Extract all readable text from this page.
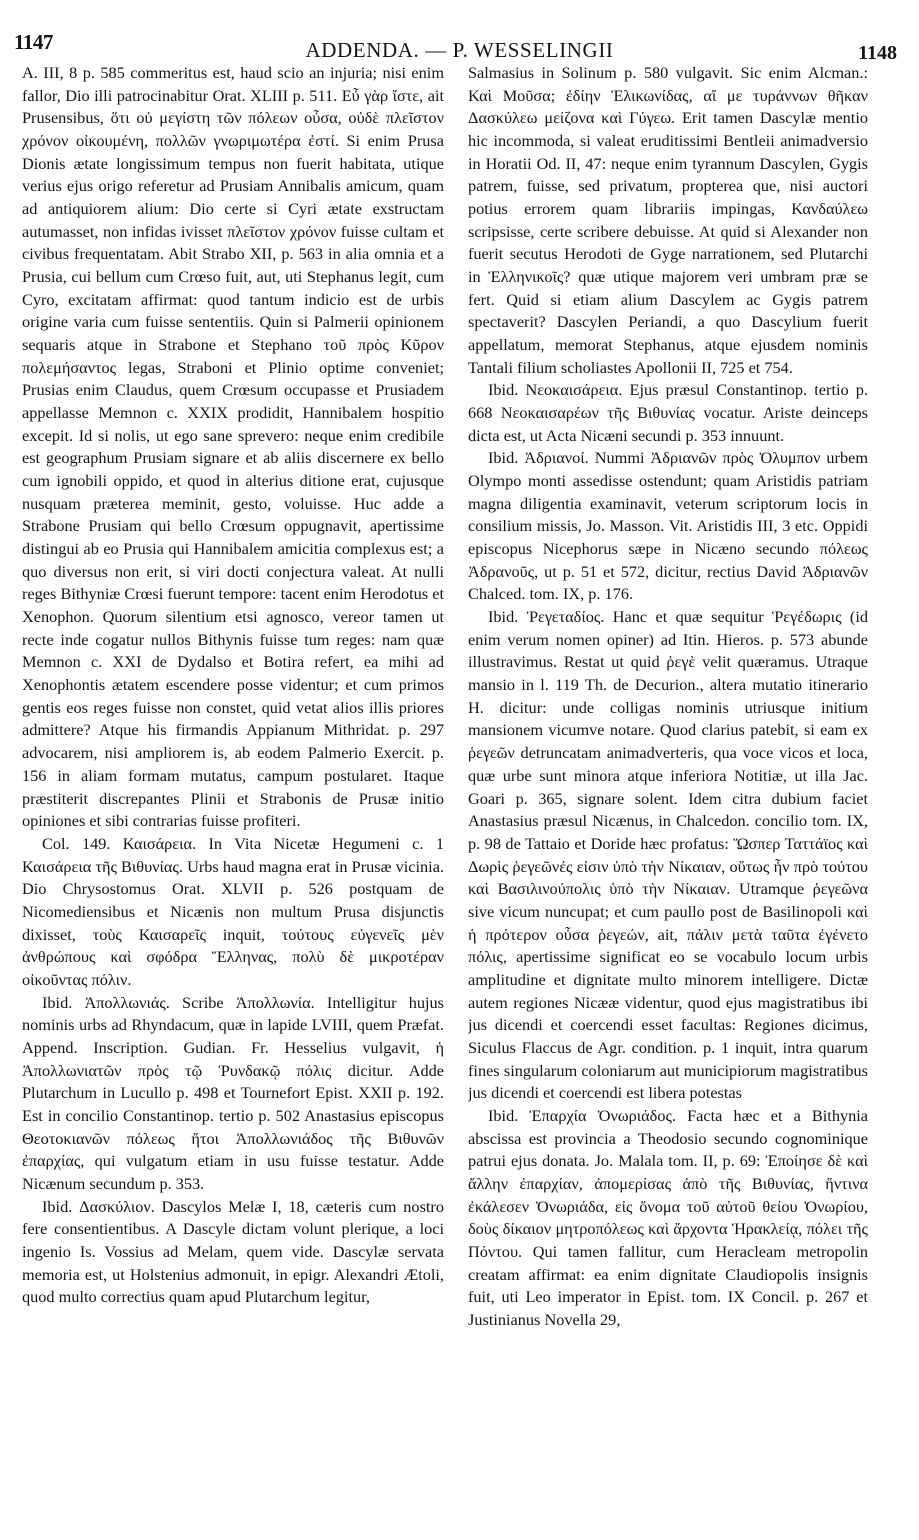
1147	ADDENDA. — P. WESSELINGII	1148

A. III, 8 p. 585 commeritus est, haud scio an injuria; nisi enim fallor, Dio illi patrocinabitur Orat. XLIII p. 511. Εὖ γὰρ ἴστε, ait Prusensibus, ὅτι οὐ μεγίστη τῶν πόλεων οὖσα, οὐδὲ πλεῖστον χρόνον οἰκουμένη, πολλῶν γνωριμωτέρα ἐστί. Si enim Prusa Dionis ætate longissimum tempus non fuerit habitata, utique verius ejus origo referetur ad Prusiam Annibalis amicum, quam ad antiquiorem alium: Dio certe si Cyri ætate exstructam autumasset, non infidas ivisset πλεῖστον χρόνον fuisse cultam et civibus frequentatam. Abit Strabo XII, p. 563 in alia omnia et a Prusia, cui bellum cum Crœso fuit, aut, uti Stephanus legit, cum Cyro, excitatam affirmat: quod tantum indicio est de urbis origine varia cum fuisse sententiis. Quin si Palmerii opinionem sequaris atque in Strabone et Stephano τοῦ πρὸς Κῦρον πολεμήσαντος legas, Straboni et Plinio optime conveniet; Prusias enim Claudus, quem Crœsum occupasse et Prusiadem appellasse Memnon c. XXIX prodidit, Hannibalem hospitio excepit. Id si nolis, ut ego sane sprevero: neque enim credibile est geographum Prusiam signare et ab aliis discernere ex bello cum ignobili oppido, et quod in alterius ditione erat, cujusque nusquam præterea meminit, gesto, voluisse. Huc adde a Strabone Prusiam qui bello Crœsum oppugnavit, apertissime distingui ab eo Prusia qui Hannibalem amicitia complexus est; a quo diversus non erit, si viri docti conjectura valeat. At nulli reges Bithyniæ Crœsi fuerunt tempore: tacent enim Herodotus et Xenophon. Quorum silentium etsi agnosco, vereor tamen ut recte inde cogatur nullos Bithynis fuisse tum reges: nam quæ Memnon c. XXI de Dydalso et Botira refert, ea mihi ad Xenophontis ætatem escendere posse videntur; et cum primos gentis eos reges fuisse non constet, quid vetat alios illis priores admittere? Atque his firmandis Appianum Mithridat. p. 297 advocarem, nisi ampliorem is, ab eodem Palmerio Exercit. p. 156 in aliam formam mutatus, campum postularet. Itaque præstiterit discrepantes Plinii et Strabonis de Prusæ initio opiniones et sibi contrarias fuisse profiteri.

Col. 149. Καισάρεια. In Vita Nicetæ Hegumeni c. 1 Καισάρεια τῆς Βιθυνίας. Urbs haud magna erat in Prusæ vicinia. Dio Chrysostomus Orat. XLVII p. 526 postquam de Nicomediensibus et Nicænis non multum Prusa disjunctis dixisset, τοὺς Καισαρεῖς inquit, τούτους εὐγενεῖς μὲν ἀνθρώπους καὶ σφόδρα Ἕλληνας, πολὺ δὲ μικροτέραν οἰκοῦντας πόλιν.

Ibid. Ἀπολλωνιάς. Scribe Ἀπολλωνία. Intelligitur hujus nominis urbs ad Rhyndacum, quæ in lapide LVIII, quem Præfat. Append. Inscription. Gudian. Fr. Hesselius vulgavit, ἡ Ἀπολλωνιατῶν πρὸς τῷ Ῥυνδακῷ πόλις dicitur. Adde Plutarchum in Lucullo p. 498 et Tournefort Epist. XXII p. 192. Est in concilio Constantinop. tertio p. 502 Anastasius episcopus Θεοτοκιανῶν πόλεως ἤτοι Ἀπολλωνιάδος τῆς Βιθυνῶν ἐπαρχίας, qui vulgatum etiam in usu fuisse testatur. Adde Nicænum secundum p. 353.

Ibid. Δασκύλιον. Dascylos Melæ I, 18, cæteris cum nostro fere consentientibus. A Dascyle dictam volunt plerique, a loci ingenio Is. Vossius ad Melam, quem vide. Dascylæ servata memoria est, ut Holstenius admonuit, in epigr. Alexandri Ætoli, quod multo correctius quam apud Plutarchum legitur,

Salmasius in Solinum p. 580 vulgavit. Sic enim Alcman.: Καὶ Μοῦσα; ἐδίην Ἑλικωνίδας, αἴ με τυράννων θῆκαν Δασκύλεω μείζονα καὶ Γύγεω. Erit tamen Dascylæ mentio hic incommoda, si valeat eruditissimi Bentleii animadversio in Horatii Od. II, 47: neque enim tyrannum Dascylen, Gygis patrem, fuisse, sed privatum, propterea que, nisi auctori potius errorem quam librariis impingas, Κανδαύλεω scripsisse, certe scribere debuisse. At quid si Alexander non fuerit secutus Herodoti de Gyge narrationem, sed Plutarchi in Ἑλληνικοῖς? quæ utique majorem veri umbram præ se fert. Quid si etiam alium Dascylem ac Gygis patrem spectaverit? Dascylen Periandi, a quo Dascylium fuerit appellatum, memorat Stephanus, atque ejusdem nominis Tantali filium scholiastes Apollonii II, 725 et 754.

Ibid. Νεοκαισάρεια. Ejus præsul Constantinop. tertio p. 668 Νεοκαισαρέων τῆς Βιθυνίας vocatur. Ariste deinceps dicta est, ut Acta Nicæni secundi p. 353 innuunt.

Ibid. Ἀδριανοί. Nummi Ἀδριανῶν πρὸς Ὀλυμπον urbem Olympo monti assedisse ostendunt; quam Aristidis patriam magna diligentia examinavit, veterum scriptorum locis in consilium missis, Jo. Masson. Vit. Aristidis III, 3 etc. Oppidi episcopus Nicephorus sæpe in Nicæno secundo πόλεως Ἀδρανοῦς, ut p. 51 et 572, dicitur, rectius David Ἀδριανῶν Chalced. tom. IX, p. 176.

Ibid. Ῥεγεταδίος. Hanc et quæ sequitur Ῥεγέδωρις (id enim verum nomen opiner) ad Itin. Hieros. p. 573 abunde illustravimus. Restat ut quid ῥεγὲ velit quæramus. Utraque mansio in l. 119 Th. de Decurion., altera mutatio itinerario H. dicitur: unde colligas nominis utriusque initium mansionem vicumve notare. Quod clarius patebit, si eam ex ῥεγεῶν detruncatam animadverteris, qua voce vicos et loca, quæ urbe sunt minora atque inferiora Notitiæ, ut illa Jac. Goari p. 365, signare solent. Idem citra dubium faciet Anastasius præsul Nicænus, in Chalcedon. concilio tom. IX, p. 98 de Tattaio et Doride hæc profatus: Ὥσπερ Ταττάϊος καὶ Δωρὶς ῥεγεῶνές εἰσιν ὑπὸ τὴν Νίκαιαν, οὕτως ἦν πρὸ τούτου καὶ Βασιλινούπολις ὑπὸ τὴν Νίκαιαν. Utramque ῥεγεῶνα sive vicum nuncupat; et cum paullo post de Basilinopoli καὶ ἡ πρότερον οὖσα ῥεγεών, ait, πάλιν μετὰ ταῦτα ἐγένετο πόλις, apertissime significat eo se vocabulo locum urbis amplitudine et dignitate multo minorem intelligere. Dictæ autem regiones Nicææ videntur, quod ejus magistratibus ibi jus dicendi et coercendi esset facultas: Regiones dicimus, Siculus Flaccus de Agr. condition. p. 1 inquit, intra quarum fines singularum coloniarum aut municipiorum magistratibus jus dicendi et coercendi est libera potestas

Ibid. Ἐπαρχία Ὀνωριάδος. Facta hæc et a Bithynia abscissa est provincia a Theodosio secundo cognominique patrui ejus donata. Jo. Malala tom. II, p. 69: Ἐποίησε δὲ καὶ ἄλλην ἐπαρχίαν, ἀπομερίσας ἀπὸ τῆς Βιθυνίας, ἥντινα ἐκάλεσεν Ὀνωριάδα, εἰς ὄνομα τοῦ αὐτοῦ θείου Ὀνωρίου, δοὺς δίκαιον μητροπόλεως καὶ ἄρχοντα Ἡρακλείᾳ, πόλει τῆς Πόντου. Qui tamen fallitur, cum Heracleam metropolin creatam affirmat: ea enim dignitate Claudiopolis insignis fuit, uti Leo imperator in Epist. tom. IX Concil. p. 267 et Justinianus Novella 29,
